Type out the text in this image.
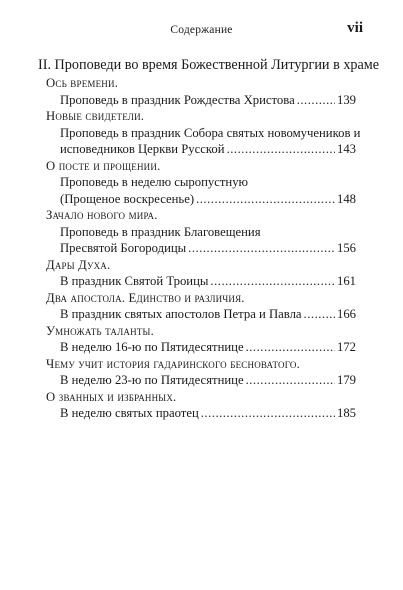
Содержание	vii
II. Проповеди во время Божественной Литургии в храме
Ось времени.
Проповедь в праздник Рождества Христова .....	139
Новые свидетели.
Проповедь в праздник Собора святых новомучеников и
исповедников Церкви Русской .....	143
О посте и прощении.
Проповедь в неделю сыропустную
(Прощеное воскресенье) .....	148
Зачало нового мира.
Проповедь в праздник Благовещения
Пресвятой Богородицы .....	156
Дары Духа.
В праздник Святой Троицы .....	161
Два апостола. Единство и различия.
В праздник святых апостолов Петра и Павла .....	166
Умножать таланты.
В неделю 16-ю по Пятидесятнице .....	172
Чему учит история гадаринского бесноватого.
В неделю 23-ю по Пятидесятнице .....	179
О званных и избранных.
В неделю святых праотец .....	185
